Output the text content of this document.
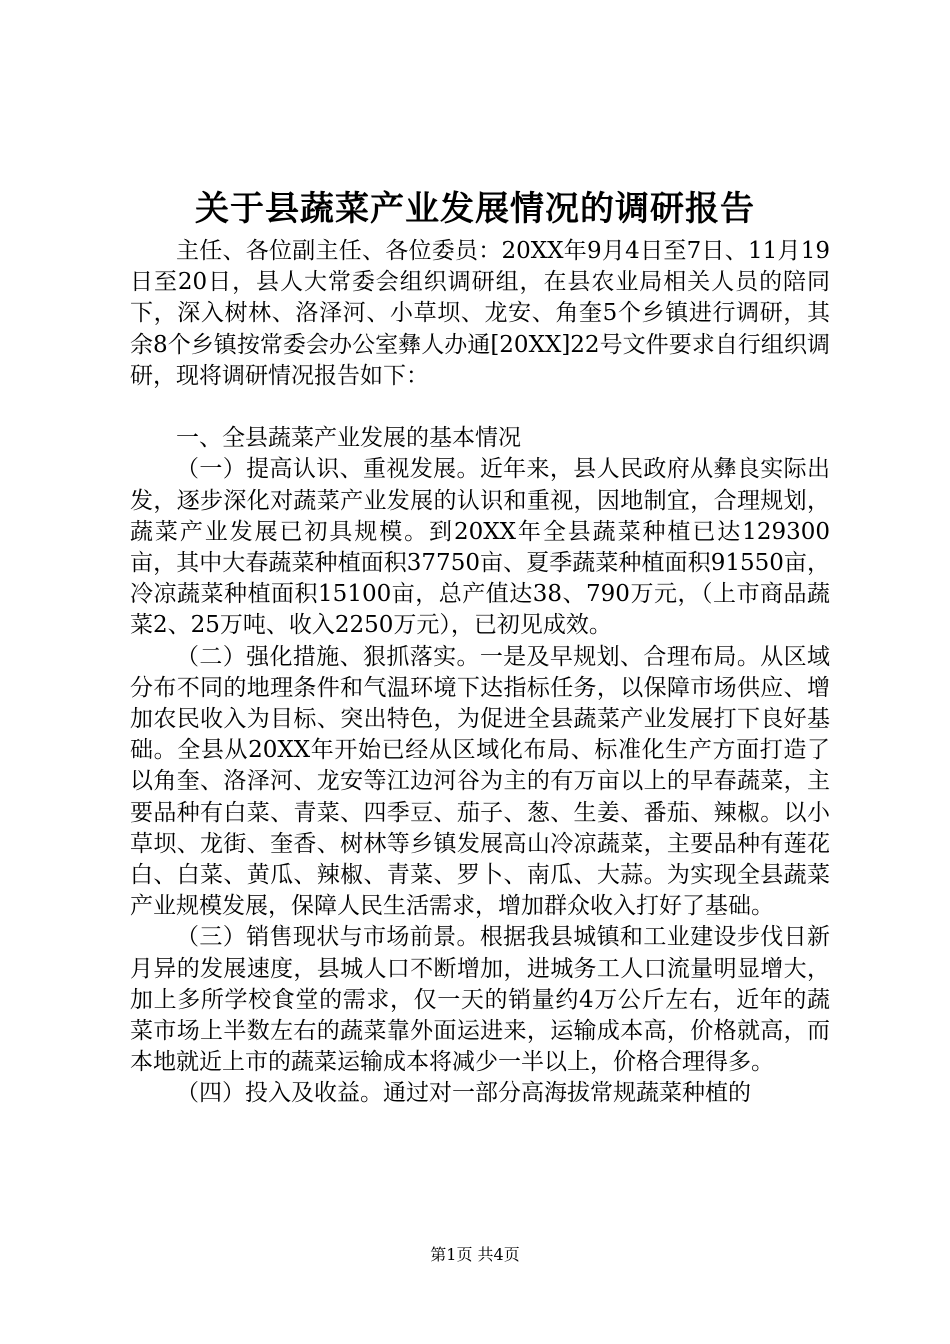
关于县蔬菜产业发展情况的调研报告

主任、各位副主任、各位委员：20XX年9月4日至7日、11月19日至20日，县人大常委会组织调研组，在县农业局相关人员的陪同下，深入树林、洛泽河、小草坝、龙安、角奎5个乡镇进行调研，其余8个乡镇按常委会办公室彝人办通[20XX]22号文件要求自行组织调研，现将调研情况报告如下：

一、全县蔬菜产业发展的基本情况

（一）提高认识、重视发展。近年来，县人民政府从彝良实际出发，逐步深化对蔬菜产业发展的认识和重视，因地制宜，合理规划，蔬菜产业发展已初具规模。到20XX年全县蔬菜种植已达129300亩，其中大春蔬菜种植面积37750亩、夏季蔬菜种植面积91550亩，冷凉蔬菜种植面积15100亩，总产值达38、790万元，（上市商品蔬菜2、25万吨、收入2250万元），已初见成效。

（二）强化措施、狠抓落实。一是及早规划、合理布局。从区域分布不同的地理条件和气温环境下达指标任务，以保障市场供应、增加农民收入为目标、突出特色，为促进全县蔬菜产业发展打下良好基础。全县从20XX年开始已经从区域化布局、标准化生产方面打造了以角奎、洛泽河、龙安等江边河谷为主的有万亩以上的早春蔬菜，主要品种有白菜、青菜、四季豆、茄子、葱、生姜、番茄、辣椒。以小草坝、龙街、奎香、树林等乡镇发展高山冷凉蔬菜，主要品种有莲花白、白菜、黄瓜、辣椒、青菜、罗卜、南瓜、大蒜。为实现全县蔬菜产业规模发展，保障人民生活需求，增加群众收入打好了基础。

（三）销售现状与市场前景。根据我县城镇和工业建设步伐日新月异的发展速度，县城人口不断增加，进城务工人口流量明显增大，加上多所学校食堂的需求，仅一天的销量约4万公斤左右，近年的蔬菜市场上半数左右的蔬菜靠外面运进来，运输成本高，价格就高，而本地就近上市的蔬菜运输成本将减少一半以上，价格合理得多。

（四）投入及收益。通过对一部分高海拔常规蔬菜种植的

第1页 共4页
